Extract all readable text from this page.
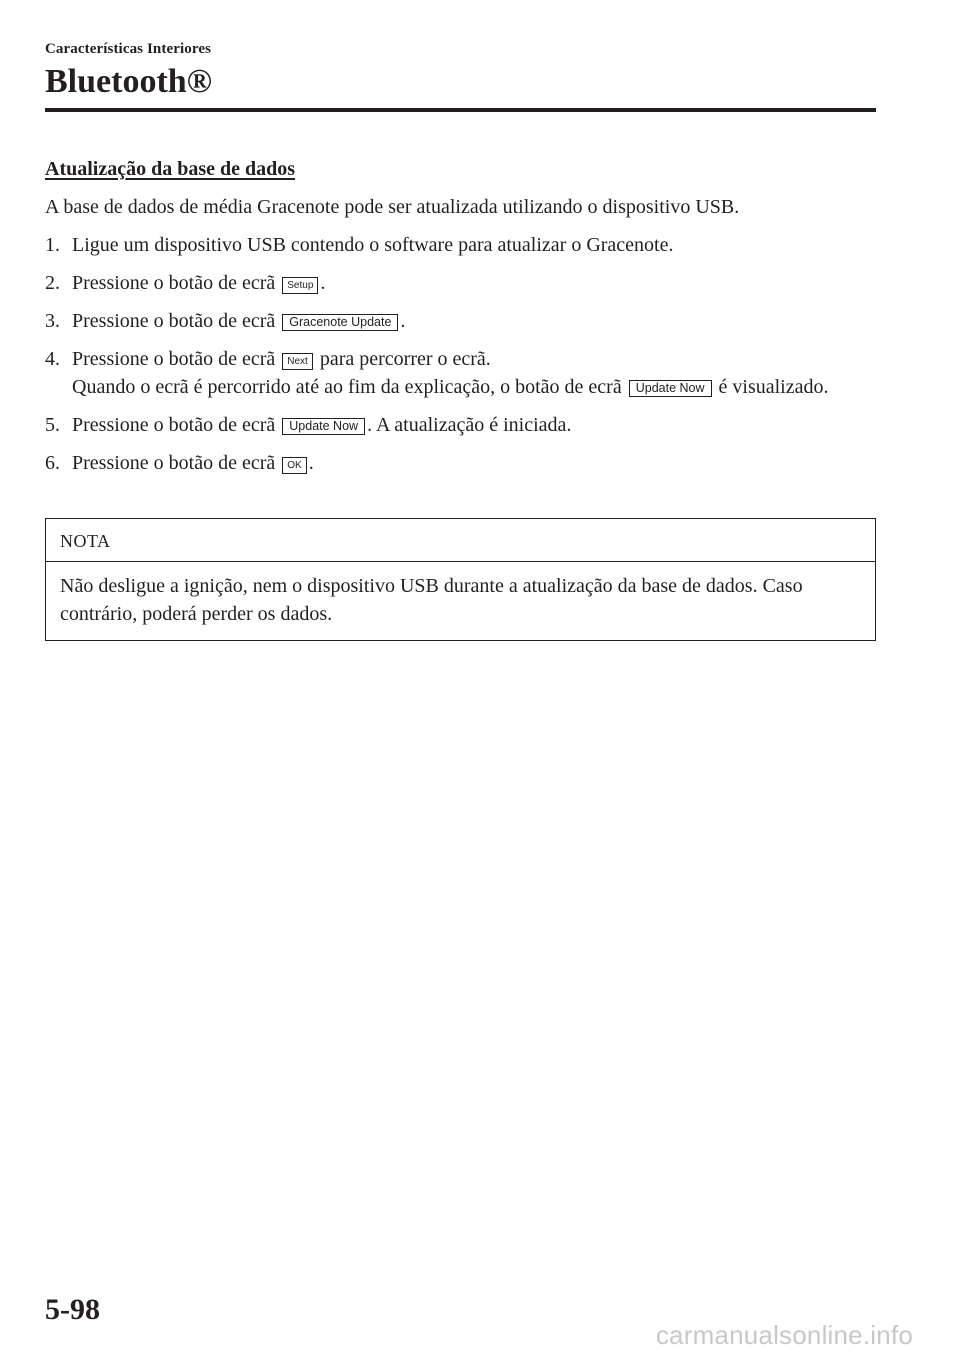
Características Interiores
Bluetooth®
Atualização da base de dados
A base de dados de média Gracenote pode ser atualizada utilizando o dispositivo USB.
1. Ligue um dispositivo USB contendo o software para atualizar o Gracenote.
2. Pressione o botão de ecrã Setup .
3. Pressione o botão de ecrã Gracenote Update .
4. Pressione o botão de ecrã Next para percorrer o ecrã.
Quando o ecrã é percorrido até ao fim da explicação, o botão de ecrã Update Now é visualizado.
5. Pressione o botão de ecrã Update Now . A atualização é iniciada.
6. Pressione o botão de ecrã OK .
NOTA
Não desligue a ignição, nem o dispositivo USB durante a atualização da base de dados. Caso contrário, poderá perder os dados.
5-98
carmanualsonline.info
